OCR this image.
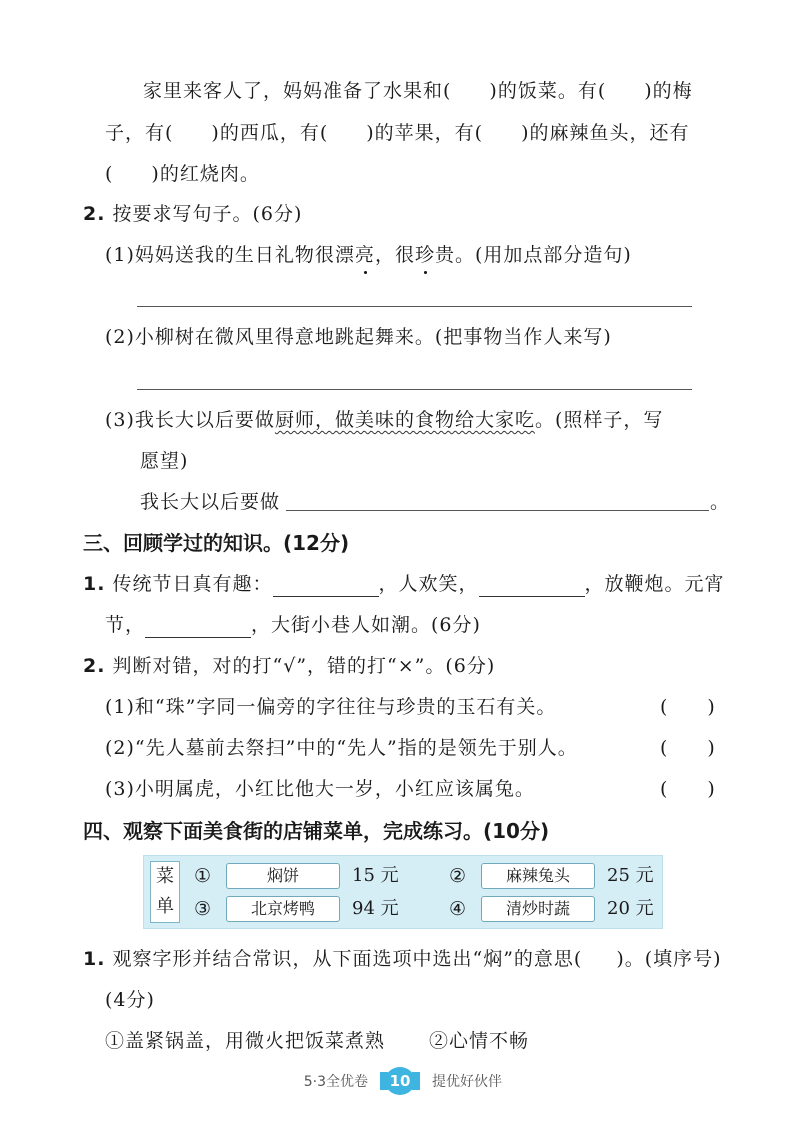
家里来客人了，妈妈准备了水果和( )的饭菜。有( )的梅
子，有( )的西瓜，有( )的苹果，有( )的麻辣鱼头，还有
( )的红烧肉。
2. 按要求写句子。(6分)
(1)妈妈送我的生日礼物很漂亮，很珍贵。(用加点部分造句)
(2)小柳树在微风里得意地跳起舞来。(把事物当作人来写)
(3)我长大以后要做厨师，做美味的食物给大家吃。(照样子，写
愿望)
我长大以后要做	。
三、回顾学过的知识。(12分)
1. 传统节日真有趣：	，人欢笑，	，放鞭炮。元宵
节，	，大街小巷人如潮。(6分)
2. 判断对错，对的打“√”，错的打“×”。(6分)
(1)和“珠”字同一偏旁的字往往与珍贵的玉石有关。	( )
(2)“先人墓前去祭扫”中的“先人”指的是领先于别人。	( )
(3)小明属虎，小红比他大一岁，小红应该属兔。	( )
四、观察下面美食街的店铺菜单，完成练习。(10分)
菜
单
①	焖饼	15 元	②	麻辣兔头	25 元
③	北京烤鸭	94 元	④	清炒时蔬	20 元
1. 观察字形并结合常识，从下面选项中选出“焖”的意思( )。(填序号)
(4分)
①盖紧锅盖，用微火把饭菜煮熟 ②心情不畅
5·3全优卷	10	提优好伙伴
